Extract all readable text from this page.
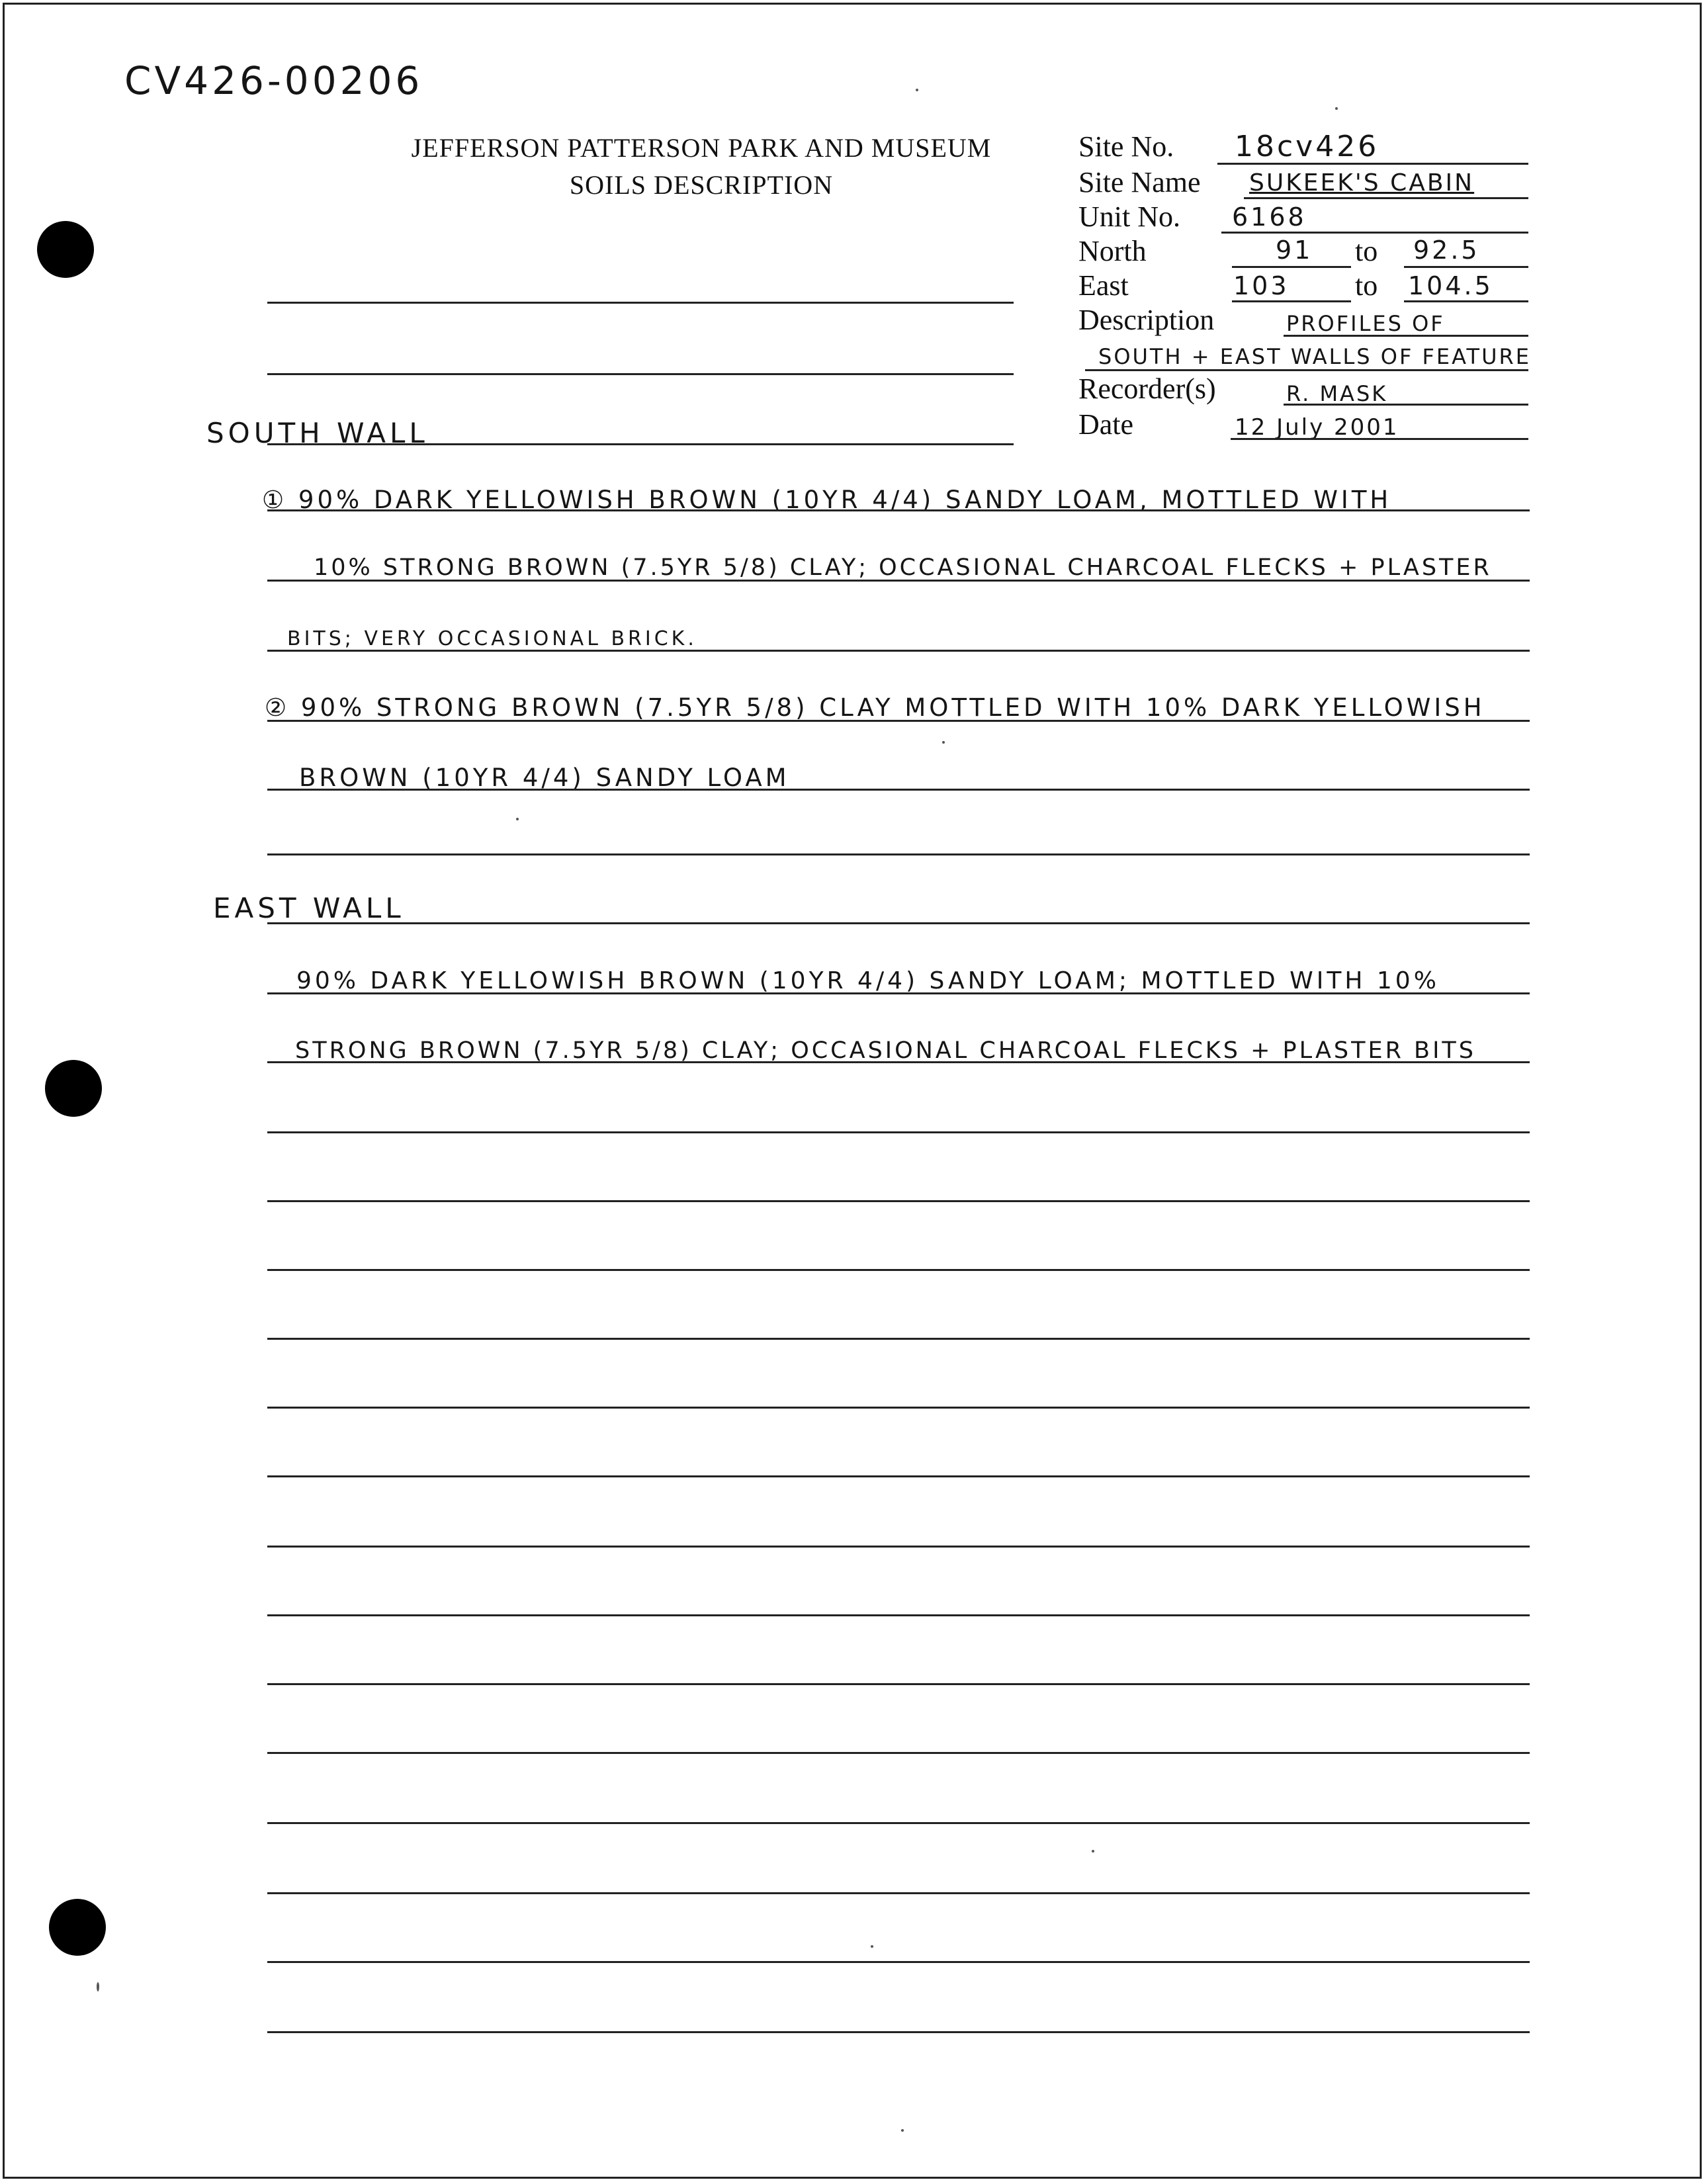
CV426-00206
JEFFERSON PATTERSON PARK AND MUSEUM
SOILS DESCRIPTION
Site No. 18cv426
Site Name SUKEEK'S CABIN
Unit No. 6168
North	91 to 92.5
East	103 to 104.5
Description	PROFILES OF
SOUTH + EAST WALLS OF FEATURE
Recorder(s)	R. MASK
Date	12 July 2001
SOUTH WALL
① 90% DARK YELLOWISH BROWN (10YR 4/4) SANDY LOAM, MOTTLED WITH
10% STRONG BROWN (7.5YR 5/8) CLAY; OCCASIONAL CHARCOAL FLECKS + PLASTER
BITS; VERY OCCASIONAL BRICK.
② 90% STRONG BROWN (7.5YR 5/8) CLAY MOTTLED WITH 10% DARK YELLOWISH
BROWN (10YR 4/4) SANDY LOAM
EAST WALL
90% DARK YELLOWISH BROWN (10YR 4/4) SANDY LOAM; MOTTLED WITH 10%
STRONG BROWN (7.5YR 5/8) CLAY; OCCASIONAL CHARCOAL FLECKS + PLASTER BITS
